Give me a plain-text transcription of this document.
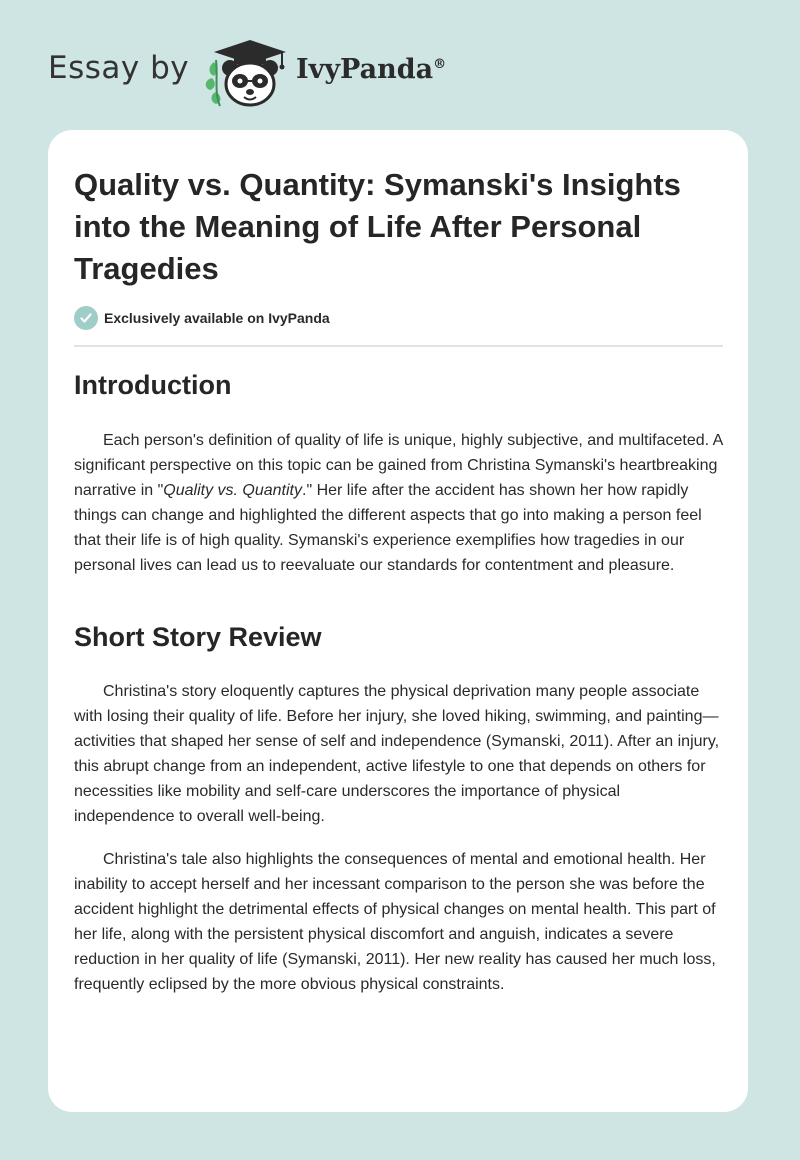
Essay by	IvyPanda®
Quality vs. Quantity: Symanski's Insights into the Meaning of Life After Personal Tragedies
Exclusively available on IvyPanda
Introduction

Each person's definition of quality of life is unique, highly subjective, and multifaceted. A significant perspective on this topic can be gained from Christina Symanski's heartbreaking narrative in "Quality vs. Quantity." Her life after the accident has shown her how rapidly things can change and highlighted the different aspects that go into making a person feel that their life is of high quality. Symanski's experience exemplifies how tragedies in our personal lives can lead us to reevaluate our standards for contentment and pleasure.

Short Story Review

Christina's story eloquently captures the physical deprivation many people associate with losing their quality of life. Before her injury, she loved hiking, swimming, and painting—activities that shaped her sense of self and independence (Symanski, 2011). After an injury, this abrupt change from an independent, active lifestyle to one that depends on others for necessities like mobility and self-care underscores the importance of physical independence to overall well-being.

Christina's tale also highlights the consequences of mental and emotional health. Her inability to accept herself and her incessant comparison to the person she was before the accident highlight the detrimental effects of physical changes on mental health. This part of her life, along with the persistent physical discomfort and anguish, indicates a severe reduction in her quality of life (Symanski, 2011). Her new reality has caused her much loss, frequently eclipsed by the more obvious physical constraints.
